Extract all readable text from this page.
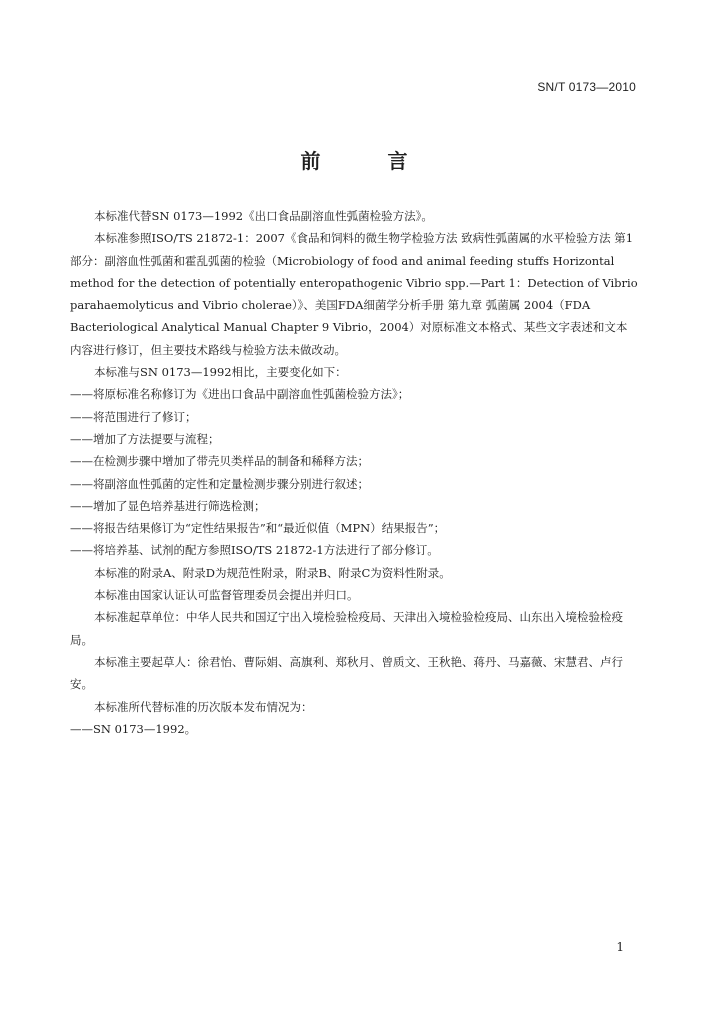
SN/T 0173—2010
前 言

本标准代替SN 0173—1992《出口食品副溶血性弧菌检验方法》。

本标准参照ISO/TS 21872-1：2007《食品和饲料的微生物学检验方法 致病性弧菌属的水平检验方法 第1部分：副溶血性弧菌和霍乱弧菌的检验（Microbiology of food and animal feeding stuffs Horizontal method for the detection of potentially enteropathogenic Vibrio spp.—Part 1：Detection of Vibrio parahaemolyticus and Vibrio cholerae）》、美国FDA细菌学分析手册 第九章 弧菌属 2004（FDA Bacteriological Analytical Manual Chapter 9 Vibrio，2004）对原标准文本格式、某些文字表述和文本内容进行修订，但主要技术路线与检验方法未做改动。

本标准与SN 0173—1992相比，主要变化如下：

——将原标准名称修订为《进出口食品中副溶血性弧菌检验方法》；

——将范围进行了修订；

——增加了方法提要与流程；

——在检测步骤中增加了带壳贝类样品的制备和稀释方法；

——将副溶血性弧菌的定性和定量检测步骤分别进行叙述；

——增加了显色培养基进行筛选检测；

——将报告结果修订为“定性结果报告”和“最近似值（MPN）结果报告”；

——将培养基、试剂的配方参照ISO/TS 21872-1方法进行了部分修订。

本标准的附录A、附录D为规范性附录，附录B、附录C为资料性附录。

本标准由国家认证认可监督管理委员会提出并归口。

本标准起草单位：中华人民共和国辽宁出入境检验检疫局、天津出入境检验检疫局、山东出入境检验检疫局。

本标准主要起草人：徐君怡、曹际娟、高旗利、郑秋月、曾质文、王秋艳、蒋丹、马嘉薇、宋慧君、卢行安。

本标准所代替标准的历次版本发布情况为：

——SN 0173—1992。

1
